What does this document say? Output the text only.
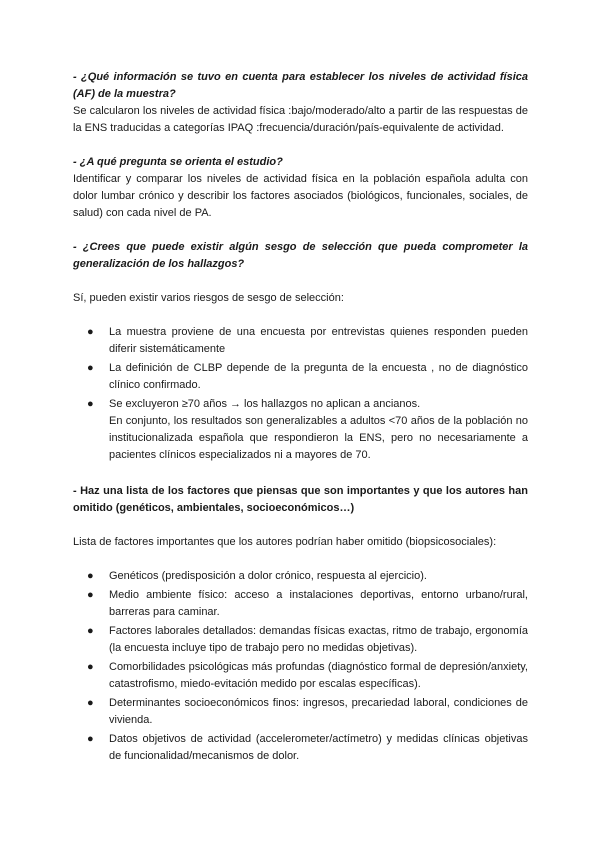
- ¿Qué información se tuvo en cuenta para establecer los niveles de actividad física (AF) de la muestra?

Se calcularon los niveles de actividad física :bajo/moderado/alto a partir de las respuestas de la ENS traducidas a categorías IPAQ :frecuencia/duración/país-equivalente de actividad.

- ¿A qué pregunta se orienta el estudio?

Identificar y comparar los niveles de actividad física en la población española adulta con dolor lumbar crónico y describir los factores asociados (biológicos, funcionales, sociales, de salud) con cada nivel de PA.

- ¿Crees que puede existir algún sesgo de selección que pueda comprometer la generalización de los hallazgos?

Sí, pueden existir varios riesgos de sesgo de selección:

●	La muestra proviene de una encuesta por entrevistas quienes responden pueden diferir sistemáticamente
●	La definición de CLBP depende de la pregunta de la encuesta , no de diagnóstico clínico confirmado.
●	Se excluyeron ≥70 años → los hallazgos no aplican a ancianos.
En conjunto, los resultados son generalizables a adultos <70 años de la población no institucionalizada española que respondieron la ENS, pero no necesariamente a pacientes clínicos especializados ni a mayores de 70.

- Haz una lista de los factores que piensas que son importantes y que los autores han omitido (genéticos, ambientales, socioeconómicos…)

Lista de factores importantes que los autores podrían haber omitido (biopsicosociales):

●	Genéticos (predisposición a dolor crónico, respuesta al ejercicio).
●	Medio ambiente físico: acceso a instalaciones deportivas, entorno urbano/rural, barreras para caminar.
●	Factores laborales detallados: demandas físicas exactas, ritmo de trabajo, ergonomía (la encuesta incluye tipo de trabajo pero no medidas objetivas).
●	Comorbilidades psicológicas más profundas (diagnóstico formal de depresión/anxiety, catastrofismo, miedo-evitación medido por escalas específicas).
●	Determinantes socioeconómicos finos: ingresos, precariedad laboral, condiciones de vivienda.
●	Datos objetivos de actividad (accelerometer/actímetro) y medidas clínicas objetivas de funcionalidad/mecanismos de dolor.
